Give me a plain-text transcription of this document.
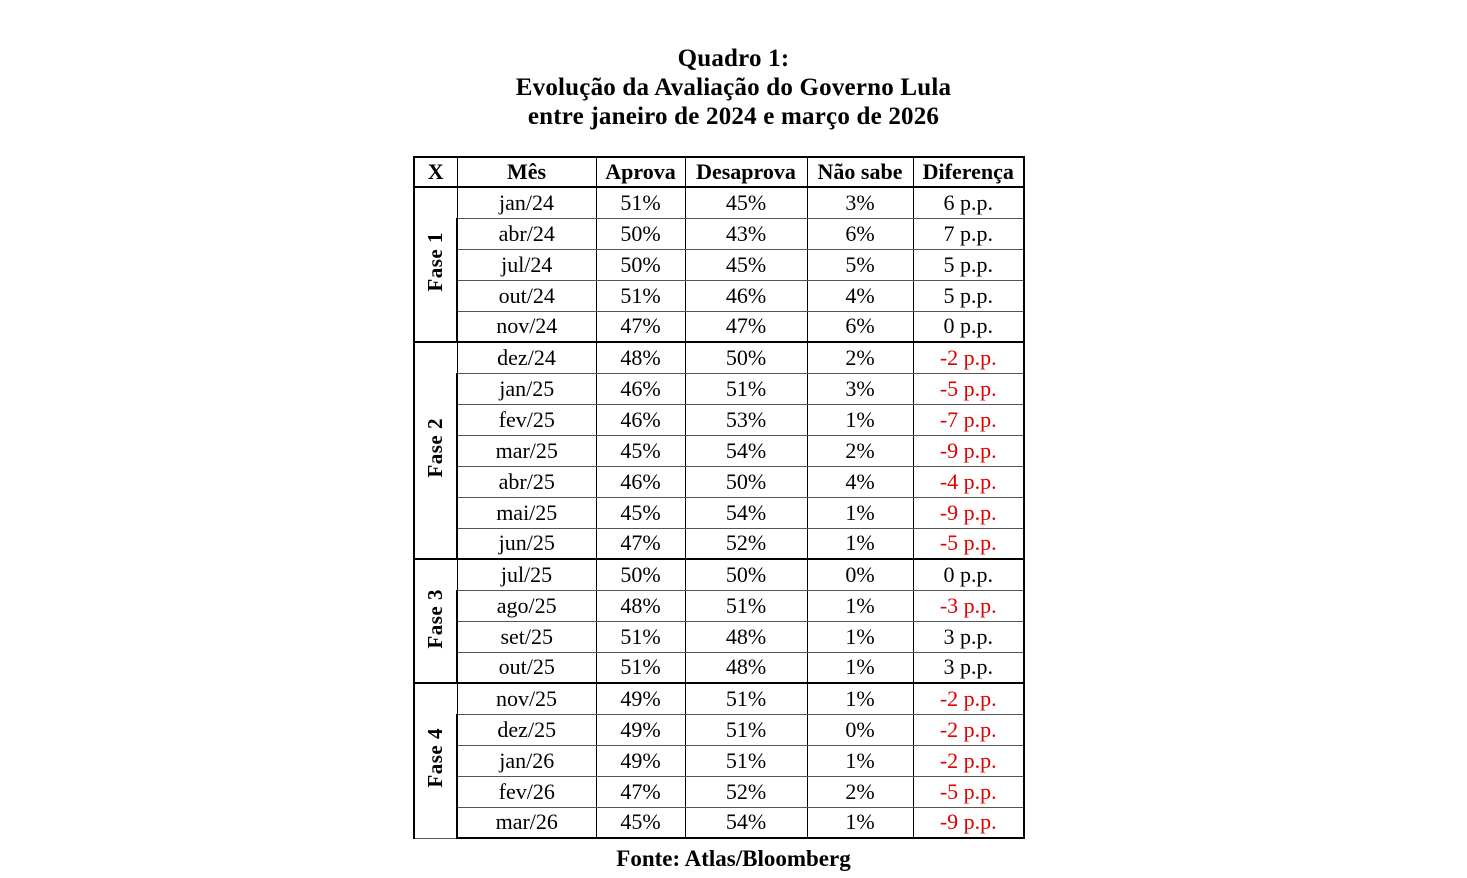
Quadro 1:
Evolução da Avaliação do Governo Lula
entre janeiro de 2024 e março de 2026
X	Mês	Aprova	Desaprova	Não sabe	Diferença
Fase 1	jan/24	51%	45%	3%	6 p.p.
	abr/24	50%	43%	6%	7 p.p.
	jul/24	50%	45%	5%	5 p.p.
	out/24	51%	46%	4%	5 p.p.
	nov/24	47%	47%	6%	0 p.p.
Fase 2	dez/24	48%	50%	2%	-2 p.p.
	jan/25	46%	51%	3%	-5 p.p.
	fev/25	46%	53%	1%	-7 p.p.
	mar/25	45%	54%	2%	-9 p.p.
	abr/25	46%	50%	4%	-4 p.p.
	mai/25	45%	54%	1%	-9 p.p.
	jun/25	47%	52%	1%	-5 p.p.
Fase 3	jul/25	50%	50%	0%	0 p.p.
	ago/25	48%	51%	1%	-3 p.p.
	set/25	51%	48%	1%	3 p.p.
	out/25	51%	48%	1%	3 p.p.
Fase 4	nov/25	49%	51%	1%	-2 p.p.
	dez/25	49%	51%	0%	-2 p.p.
	jan/26	49%	51%	1%	-2 p.p.
	fev/26	47%	52%	2%	-5 p.p.
	mar/26	45%	54%	1%	-9 p.p.
Fonte: Atlas/Bloomberg
